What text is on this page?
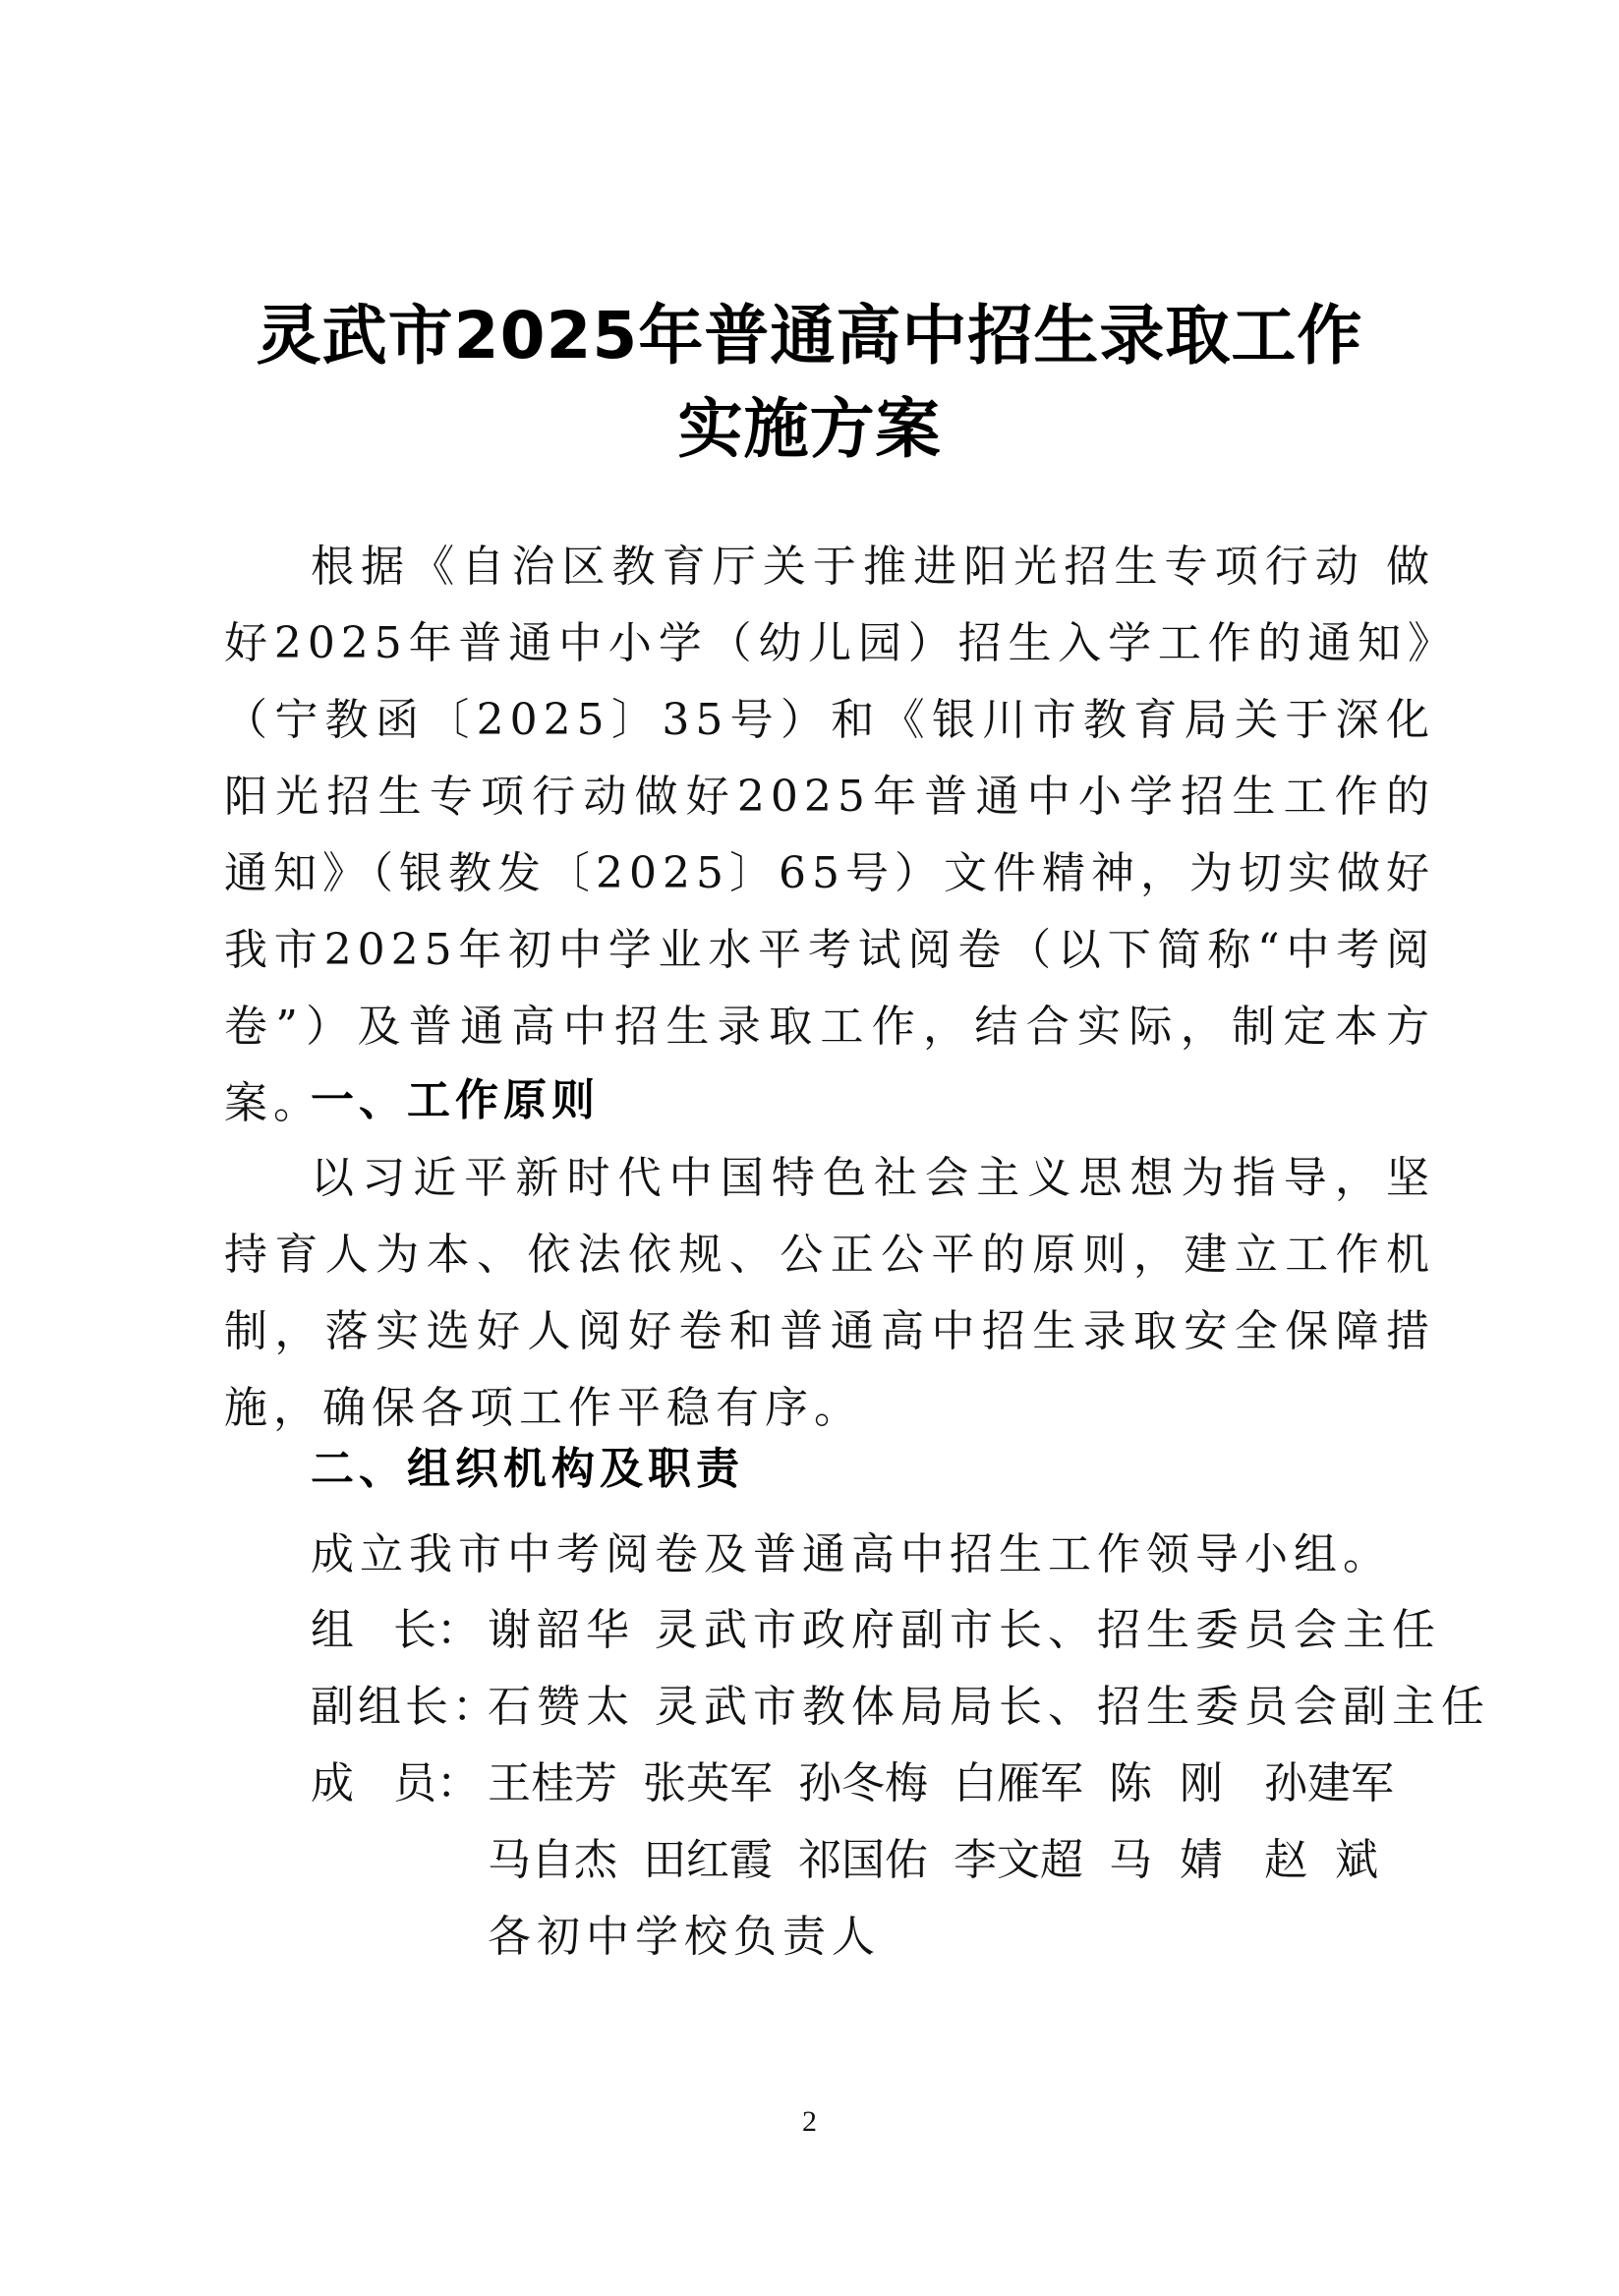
灵武市2025年普通高中招生录取工作
实施方案

根据《自治区教育厅关于推进阳光招生专项行动 做好2025年普通中小学（幼儿园）招生入学工作的通知》（宁教函〔2025〕35号）和《银川市教育局关于深化阳光招生专项行动做好2025年普通中小学招生工作的通知》（银教发〔2025〕65号）文件精神，为切实做好我市2025年初中学业水平考试阅卷（以下简称“中考阅卷”）及普通高中招生录取工作，结合实际，制定本方案。

一、工作原则

以习近平新时代中国特色社会主义思想为指导，坚持育人为本、依法依规、公正公平的原则，建立工作机制，落实选好人阅好卷和普通高中招生录取安全保障措施，确保各项工作平稳有序。

二、组织机构及职责
成立我市中考阅卷及普通高中招生工作领导小组。
组 长： 谢韶华 灵武市政府副市长、招生委员会主任
副组长：
石赞太 灵武市教体局局长、招生委员会副主任
成 员： 王桂芳 张英军 孙冬梅 白雁军 陈  刚 孙建军
马自杰 田红霞 祁国佑 李文超 马  婧 赵  斌
各初中学校负责人
2
